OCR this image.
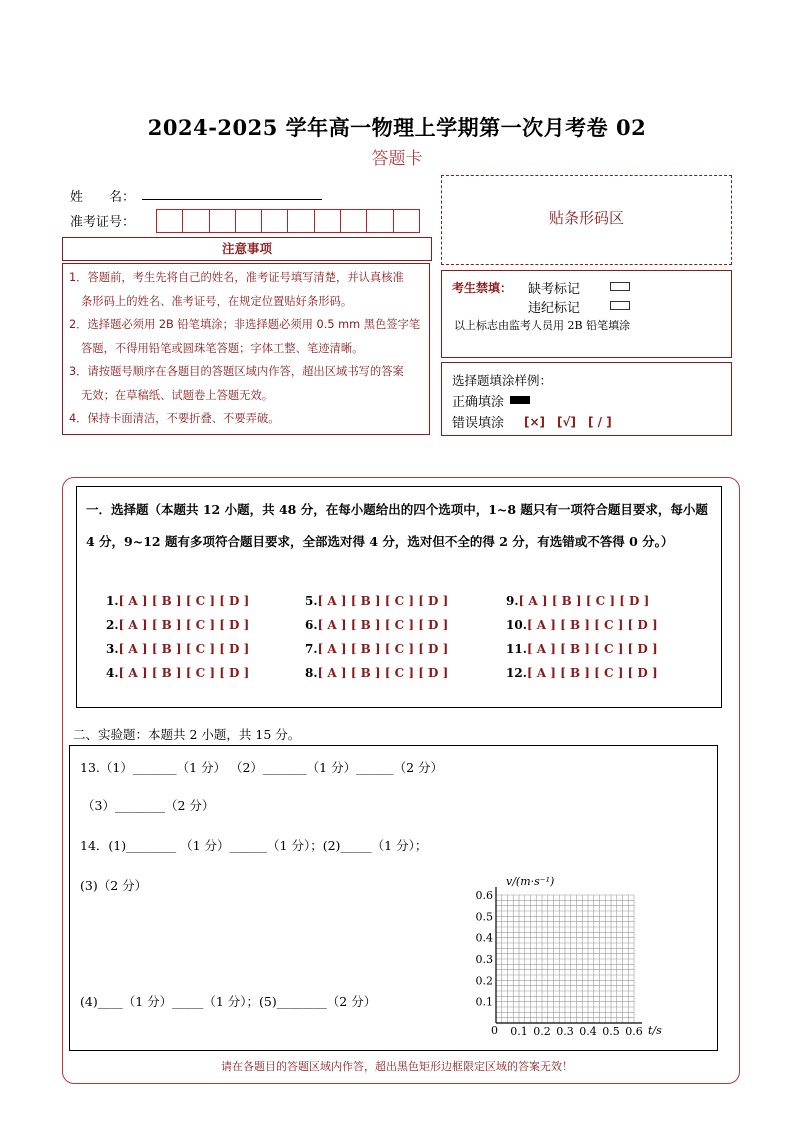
2024-2025 学年高一物理上学期第一次月考卷 02
答题卡
姓　　名：
准考证号：
注意事项

1．答题前，考生先将自己的姓名，准考证号填写清楚，并认真核准

条形码上的姓名、准考证号，在规定位置贴好条形码。

2．选择题必须用 2B 铅笔填涂；非选择题必须用 0.5 mm 黑色签字笔

答题，不得用铅笔或圆珠笔答题；字体工整、笔迹清晰。

3．请按题号顺序在各题目的答题区域内作答，超出区域书写的答案

无效；在草稿纸、试题卷上答题无效。

4．保持卡面清洁，不要折叠、不要弄破。

贴条形码区
考生禁填： 缺考标记
违纪标记
以上标志由监考人员用 2B 铅笔填涂
选择题填涂样例：
正确填涂
错误填涂 [×]　[√]　[ / ]
一．选择题（本题共 12 小题，共 48 分，在每小题给出的四个选项中，1~8 题只有一项符合题目要求，每小题 4 分，9~12 题有多项符合题目要求，全部选对得 4 分，选对但不全的得 2 分，有选错或不答得 0 分。）
1.[ A ] [ B ] [ C ] [ D ]
2.[ A ] [ B ] [ C ] [ D ]
3.[ A ] [ B ] [ C ] [ D ]
4.[ A ] [ B ] [ C ] [ D ]
5.[ A ] [ B ] [ C ] [ D ]
6.[ A ] [ B ] [ C ] [ D ]
7.[ A ] [ B ] [ C ] [ D ]
8.[ A ] [ B ] [ C ] [ D ]
9.[ A ] [ B ] [ C ] [ D ]
10.[ A ] [ B ] [ C ] [ D ]
11.[ A ] [ B ] [ C ] [ D ]
12.[ A ] [ B ] [ C ] [ D ]
二、实验题：本题共 2 小题，共 15 分。
13.（1）_______（1 分） （2）_______（1 分）______（2 分）
（3）________（2 分）
14．(1)________ （1 分）______（1 分）；(2)_____（1 分）；
(3)（2 分）
(4)____（1 分）_____（1 分）；(5)________（2 分）
v/(m·s⁻¹)
t/s
0 0.1 0.2 0.3 0.4 0.5 0.6
0.1
0.2
0.3
0.4
0.5
0.6
请在各题目的答题区域内作答，超出黑色矩形边框限定区域的答案无效！
